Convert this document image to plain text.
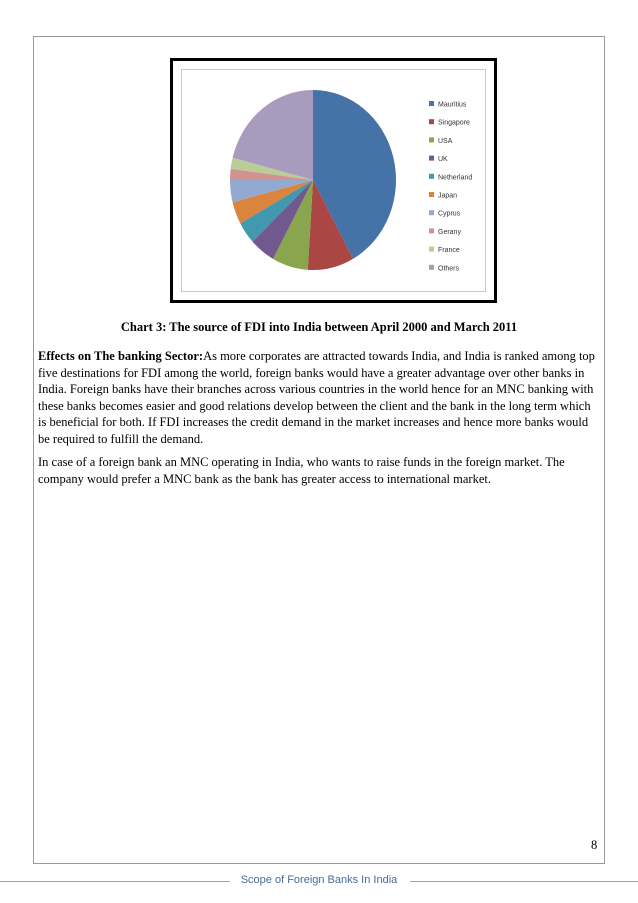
Mauritius
Singapore
USA
UK
Netherland
Japan
Cyprus
Gerany
France
Others
Chart 3: The source of FDI into India between April 2000 and March 2011
Effects on The banking Sector:As more corporates are attracted towards India, and India is ranked among top five destinations for FDI among the world, foreign banks would have a greater advantage over other banks in India. Foreign banks have their branches across various countries in the world hence for an MNC banking with these banks becomes easier and good relations develop between the client and the bank in the long term which is beneficial for both. If FDI increases the credit demand in the market increases and hence more banks would be required to fulfill the demand.
In case of a foreign bank an MNC operating in India, who wants to raise funds in the foreign market. The company would prefer a MNC bank as the bank has greater access to international market.
8
Scope of Foreign Banks In India
